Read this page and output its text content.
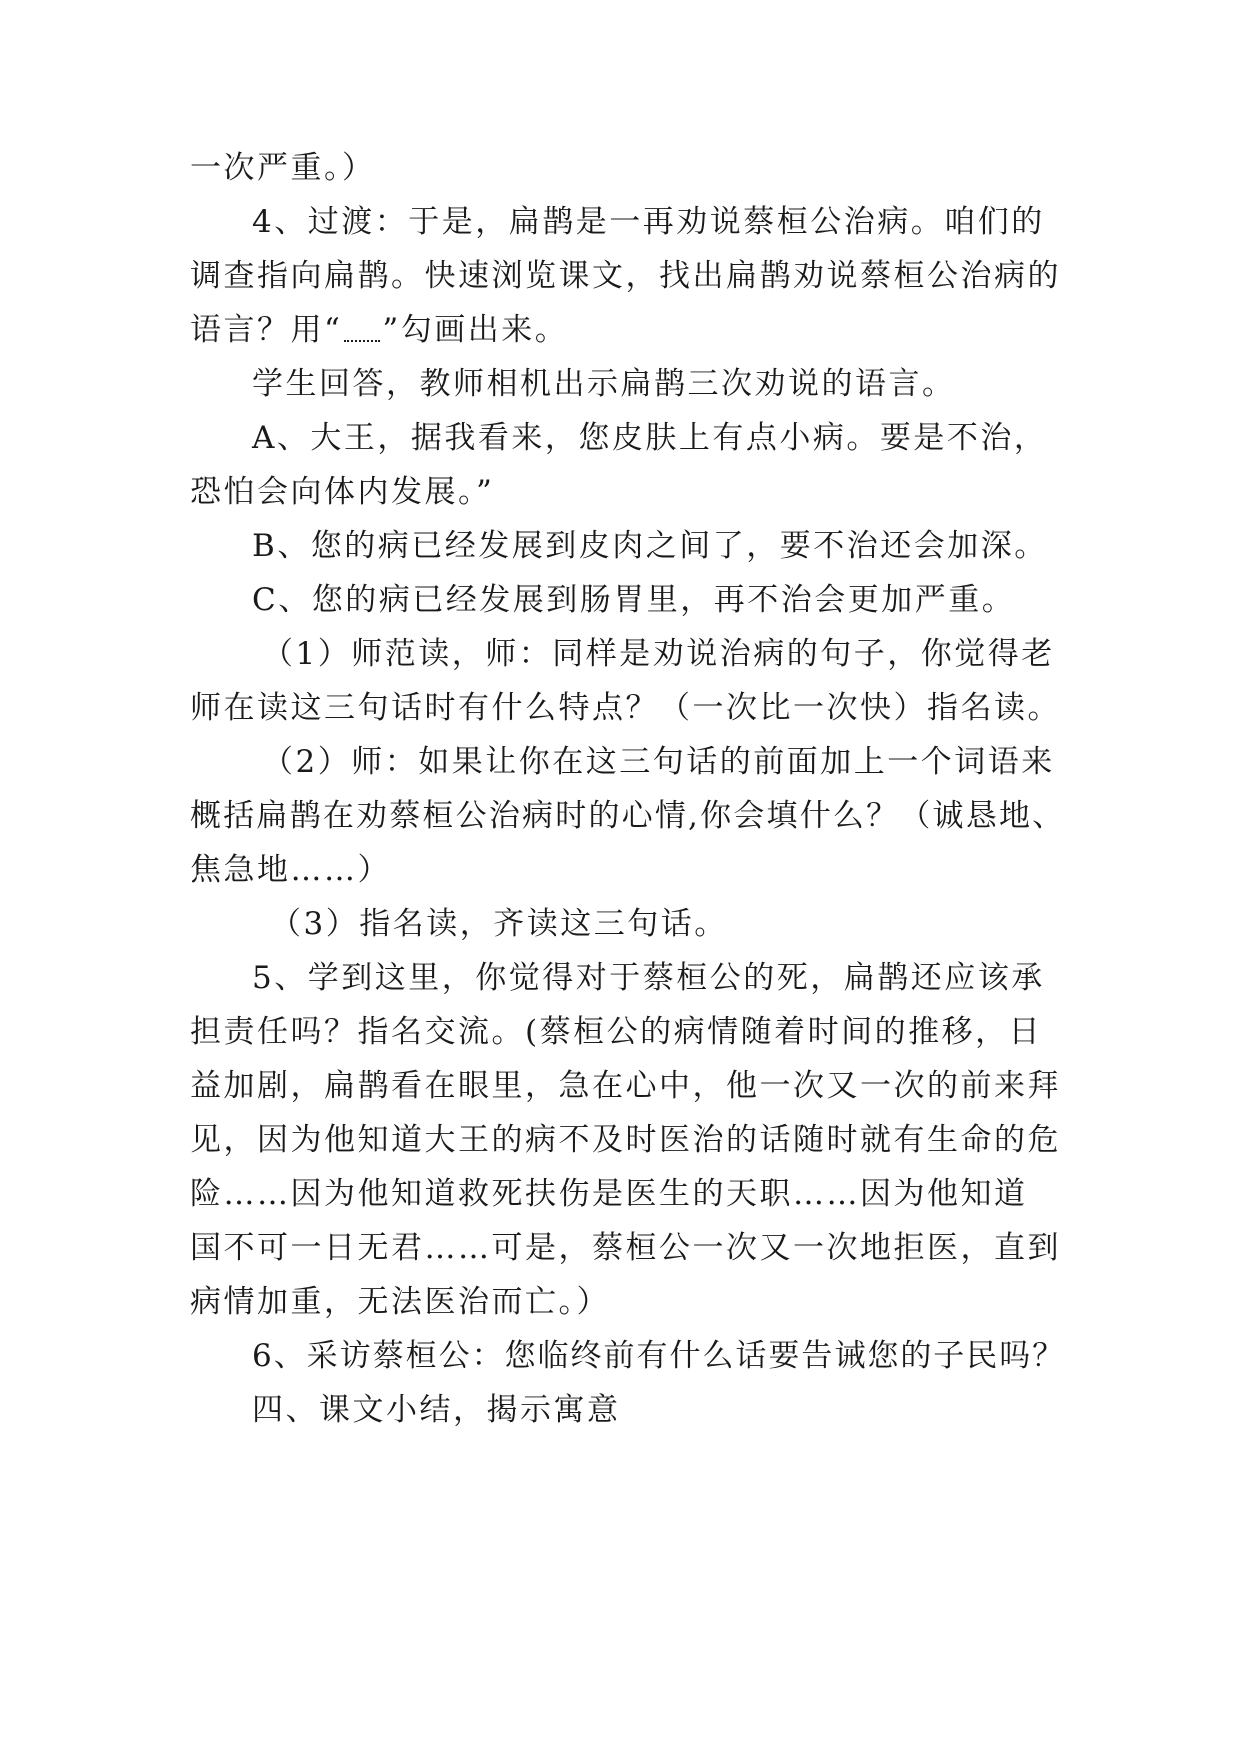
一次严重。）
4、过渡：于是，扁鹊是一再劝说蔡桓公治病。咱们的
调查指向扁鹊。快速浏览课文，找出扁鹊劝说蔡桓公治病的
语言？用“ ”勾画出来。
学生回答，教师相机出示扁鹊三次劝说的语言。
A、大王，据我看来，您皮肤上有点小病。要是不治，
恐怕会向体内发展。”
B、您的病已经发展到皮肉之间了，要不治还会加深。
C、您的病已经发展到肠胃里，再不治会更加严重。
（1）师范读，师：同样是劝说治病的句子，你觉得老
师在读这三句话时有什么特点？（一次比一次快）指名读。
（2）师：如果让你在这三句话的前面加上一个词语来
概括扁鹊在劝蔡桓公治病时的心情,你会填什么？（诚恳地、
焦急地……）
（3）指名读，齐读这三句话。
5、学到这里，你觉得对于蔡桓公的死，扁鹊还应该承
担责任吗？指名交流。(蔡桓公的病情随着时间的推移，日
益加剧，扁鹊看在眼里，急在心中，他一次又一次的前来拜
见，因为他知道大王的病不及时医治的话随时就有生命的危
险……因为他知道救死扶伤是医生的天职……因为他知道
国不可一日无君……可是，蔡桓公一次又一次地拒医，直到
病情加重，无法医治而亡。）
6、采访蔡桓公：您临终前有什么话要告诫您的子民吗？
四、课文小结，揭示寓意
